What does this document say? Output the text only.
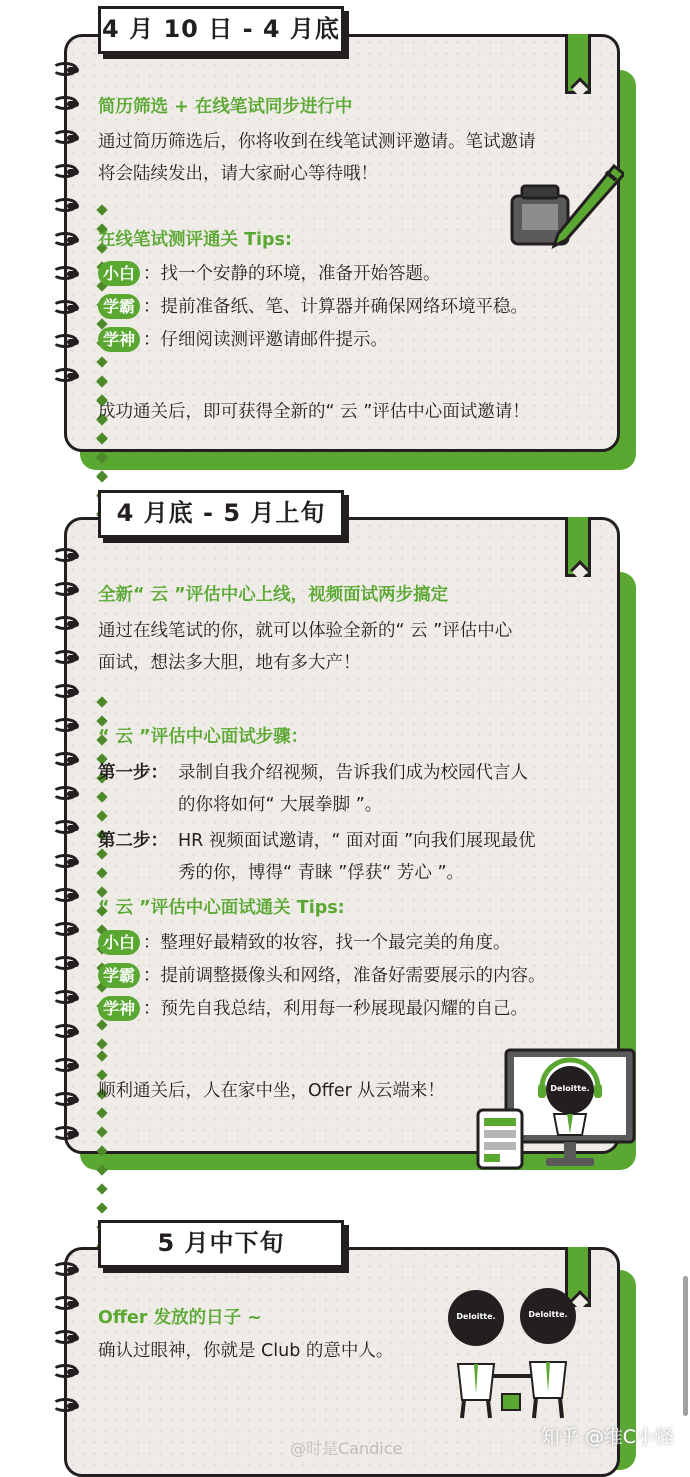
4 月 10 日 - 4 月底
简历筛选 + 在线笔试同步进行中
通过简历筛选后，你将收到在线笔试测评邀请。笔试邀请
将会陆续发出，请大家耐心等待哦！
在线笔试测评通关 Tips:
小白 ：找一个安静的环境，准备开始答题。
学霸 ：提前准备纸、笔、计算器并确保网络环境平稳。
学神 ：仔细阅读测评邀请邮件提示。
成功通关后，即可获得全新的“ 云 ”评估中心面试邀请！
4 月底 - 5 月上旬
全新“ 云 ”评估中心上线，视频面试两步搞定
通过在线笔试的你，就可以体验全新的“ 云 ”评估中心
面试，想法多大胆，地有多大产！
“ 云 ”评估中心面试步骤：
第一步： 录制自我介绍视频，告诉我们成为校园代言人
的你将如何“ 大展拳脚 ”。
第二步： HR 视频面试邀请，“ 面对面 ”向我们展现最优
秀的你，博得“ 青睐 ”俘获“ 芳心 ”。
“ 云 ”评估中心面试通关 Tips:
小白 ：整理好最精致的妆容，找一个最完美的角度。
学霸 ：提前调整摄像头和网络，准备好需要展示的内容。
学神 ：预先自我总结，利用每一秒展现最闪耀的自己。
顺利通关后，人在家中坐，Offer 从云端来！	Deloitte.
5 月中下旬
Offer 发放的日子 ~
确认过眼神，你就是 Club 的意中人。
Deloitte.	Deloitte.
@时是Candice
知乎 @维C小怪
